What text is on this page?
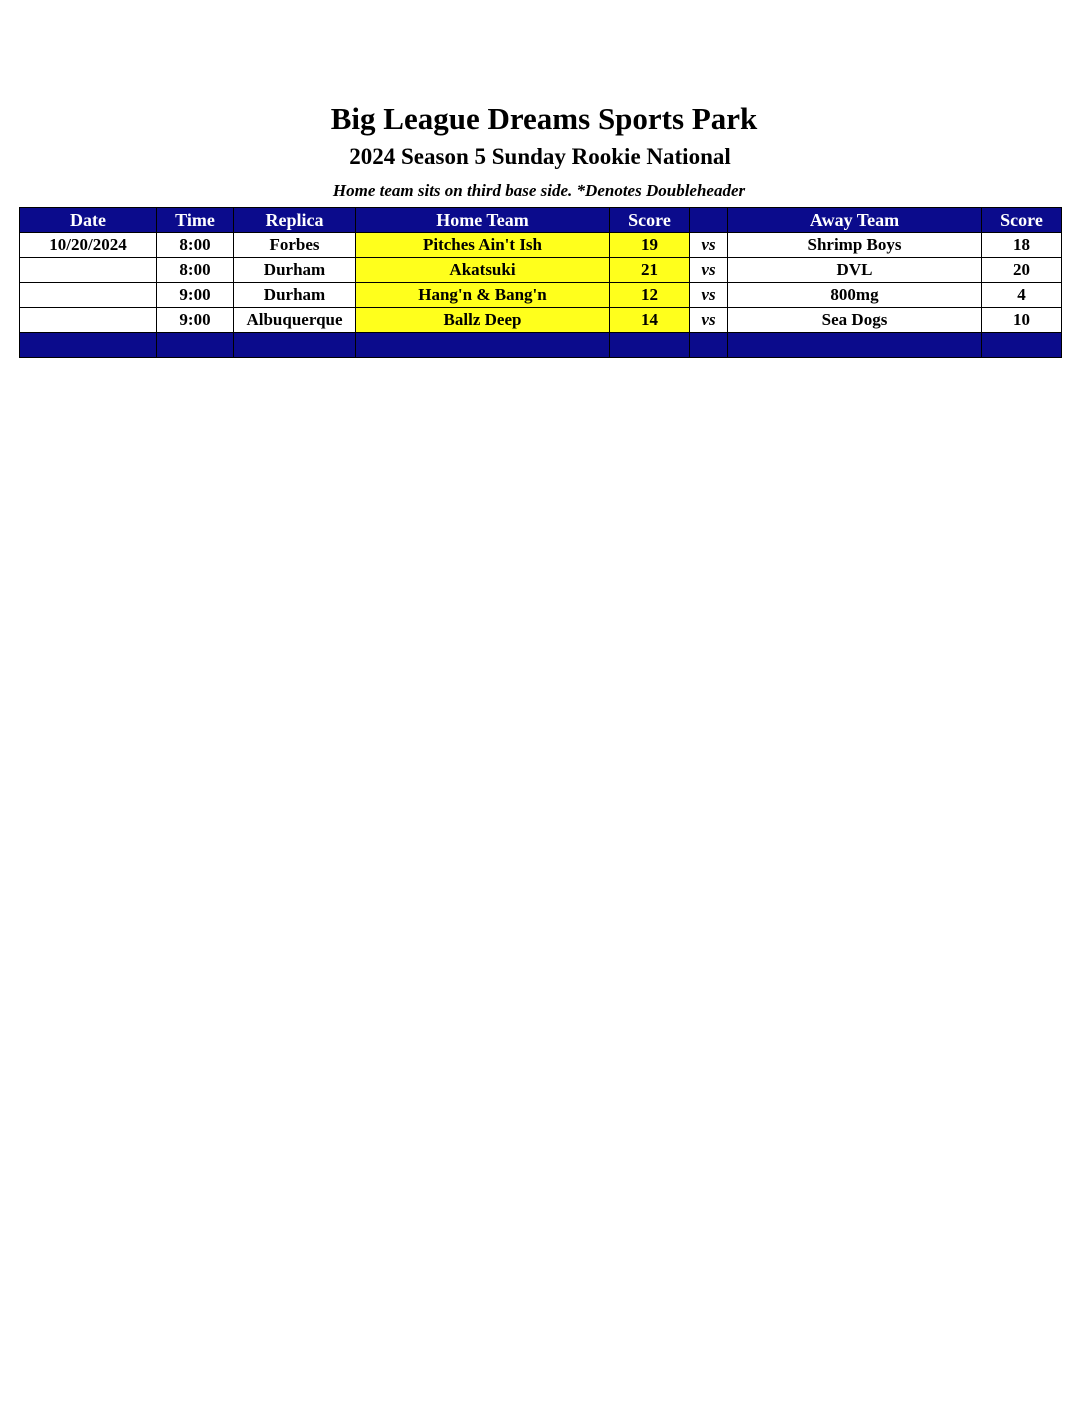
Big League Dreams Sports Park
2024 Season 5 Sunday Rookie National
Home team sits on third base side. *Denotes Doubleheader
Date	Time	Replica	Home Team	Score		Away Team	Score
10/20/2024	8:00	Forbes	Pitches Ain't Ish	19	vs	Shrimp Boys	18
	8:00	Durham	Akatsuki	21	vs	DVL	20
	9:00	Durham	Hang'n & Bang'n	12	vs	800mg	4
	9:00	Albuquerque	Ballz Deep	14	vs	Sea Dogs	10
